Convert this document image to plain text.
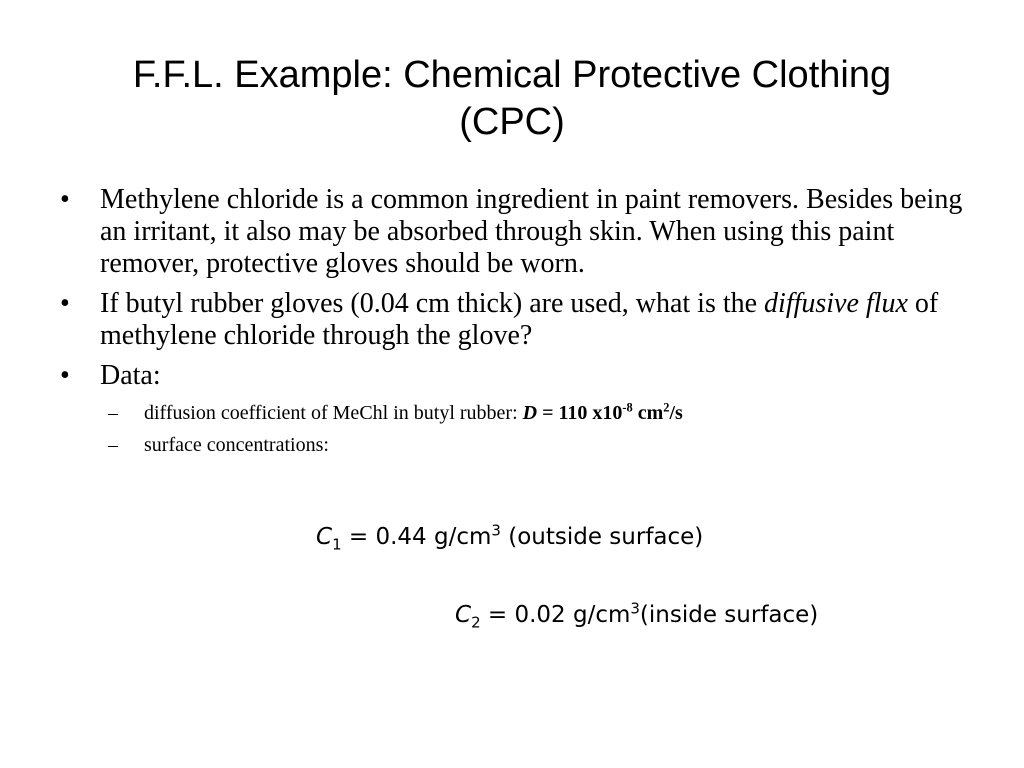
F.F.L. Example: Chemical Protective Clothing
(CPC)
• Methylene chloride is a common ingredient in paint removers. Besides being an irritant, it also may be absorbed through skin. When using this paint remover, protective gloves should be worn.
• If butyl rubber gloves (0.04 cm thick) are used, what is the diffusive flux of methylene chloride through the glove?
• Data:
– diffusion coefficient of MeChl in butyl rubber: D = 110 $x10^{-8}$ $cm^2/s$
– surface concentrations:
$C_1 = 0.44$ $g/cm^3$ (outside surface)
$C_2 = 0.02$ $g/cm^3(inside$ surface)
